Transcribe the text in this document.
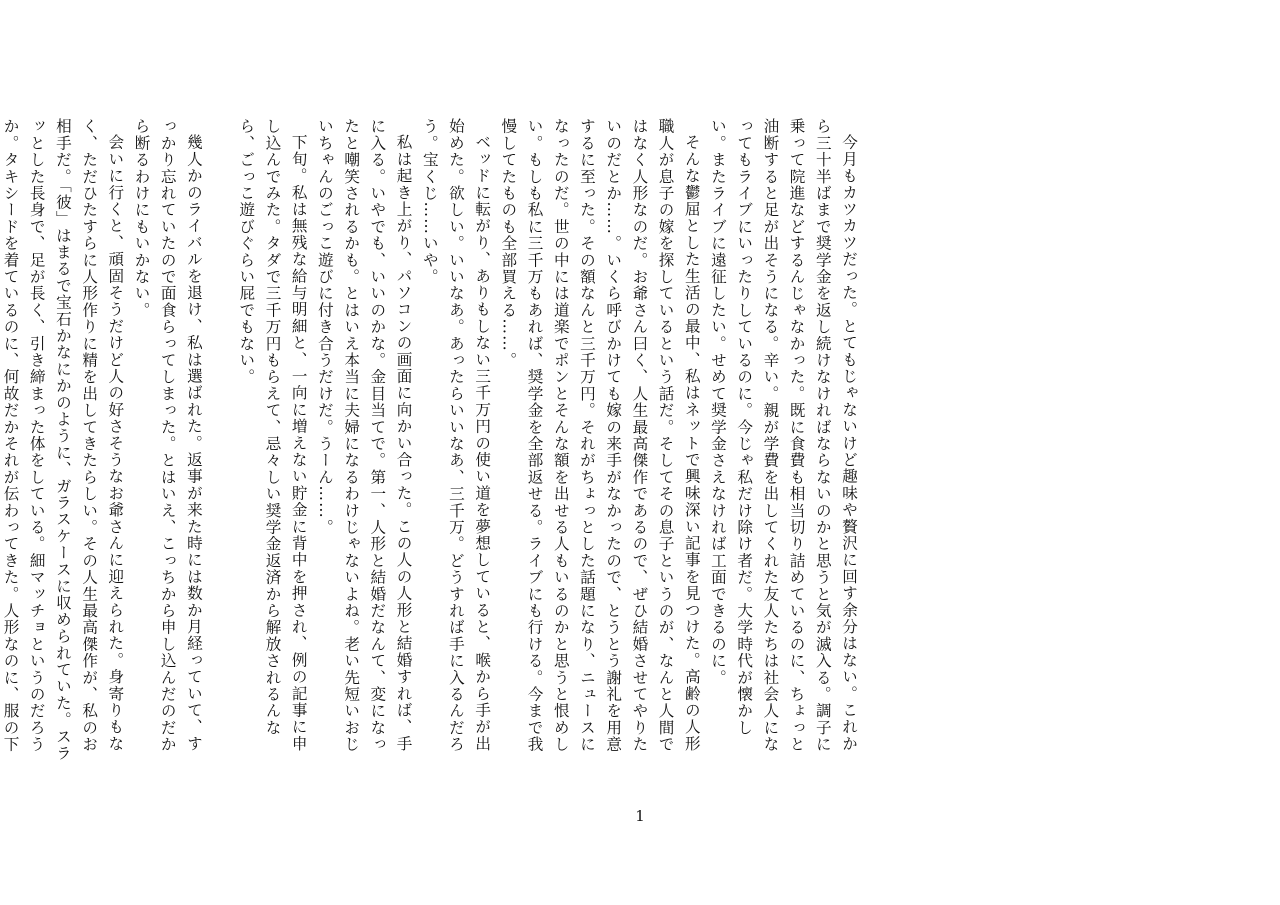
今月もカツカツだった。とてもじゃないけど趣味や贅沢に回す余分はない。これから三十半ばまで奨学金を返し続けなければならないのかと思うと気が滅入る。調子に乗って院進などするんじゃなかった。既に食費も相当切り詰めているのに、ちょっと油断すると足が出そうになる。辛い。親が学費を出してくれた友人たちは社会人になってもライブにいったりしているのに。今じゃ私だけ除け者だ。大学時代が懐かしい。またライブに遠征したい。せめて奨学金さえなければ工面できるのに。

そんな鬱屈とした生活の最中、私はネットで興味深い記事を見つけた。高齢の人形職人が息子の嫁を探しているという話だ。そしてその息子というのが、なんと人間ではなく人形なのだ。お爺さん曰く、人生最高傑作であるので、ぜひ結婚させてやりたいのだとか……。いくら呼びかけても嫁の来手がなかったので、とうとう謝礼を用意するに至った。その額なんと三千万円。それがちょっとした話題になり、ニュースになったのだ。世の中には道楽でポンとそんな額を出せる人もいるのかと思うと恨めしい。もしも私に三千万もあれば、奨学金を全部返せる。ライブにも行ける。今まで我慢してたものも全部買える……。

ベッドに転がり、ありもしない三千万円の使い道を夢想していると、喉から手が出始めた。欲しい。いいなあ。あったらいいなあ、三千万。どうすれば手に入るんだろう。宝くじ……いや。

私は起き上がり、パソコンの画面に向かい合った。この人の人形と結婚すれば、手に入る。いやでも、いいのかな。金目当てで。第一、人形と結婚だなんて、変になったと嘲笑されるかも。とはいえ本当に夫婦になるわけじゃないよね。老い先短いおじいちゃんのごっこ遊びに付き合うだけだ。うーん……。

下旬。私は無残な給与明細と、一向に増えない貯金に背中を押され、例の記事に申し込んでみた。タダで三千万円もらえて、忌々しい奨学金返済から解放されるんなら、ごっこ遊びぐらい屁でもない。

幾人かのライバルを退け、私は選ばれた。返事が来た時には数か月経っていて、すっかり忘れていたので面食らってしまった。とはいえ、こっちから申し込んだのだから断るわけにもいかない。

会いに行くと、頑固そうだけど人の好さそうなお爺さんに迎えられた。身寄りもなく、ただひたすらに人形作りに精を出してきたらしい。その人生最高傑作が、私のお相手だ。「彼」はまるで宝石かなにかのように、ガラスケースに収められていた。スラッとした長身で、足が長く、引き締まった体をしている。細マッチョというのだろうか。タキシードを着ているのに、何故だかそれが伝わってきた。人形なのに、服の下

1
